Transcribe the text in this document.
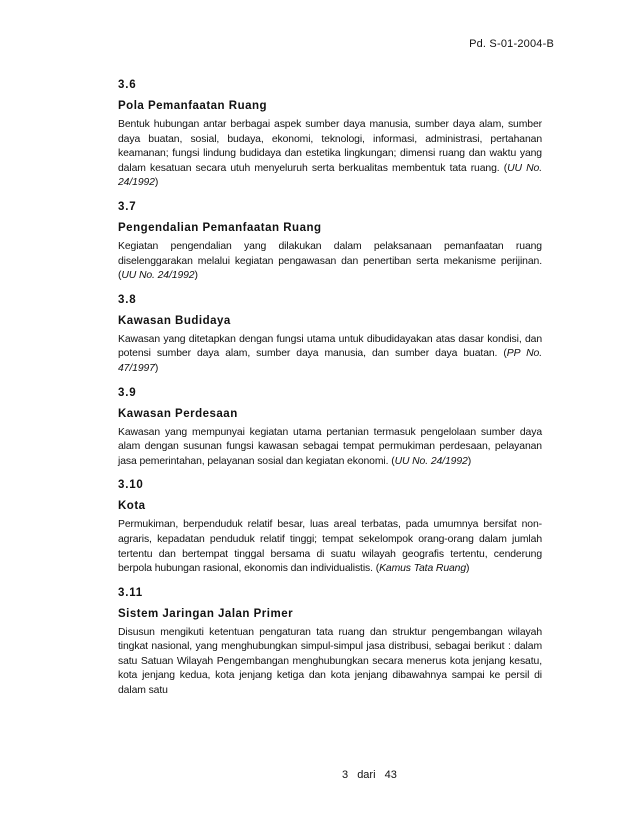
Pd. S-01-2004-B
3.6
Pola Pemanfaatan Ruang

Bentuk hubungan antar berbagai aspek sumber daya manusia, sumber daya alam, sumber daya buatan, sosial, budaya, ekonomi, teknologi, informasi, administrasi, pertahanan keamanan; fungsi lindung budidaya dan estetika lingkungan; dimensi ruang dan waktu yang dalam kesatuan secara utuh menyeluruh serta berkualitas membentuk tata ruang. (UU No. 24/1992)

3.7
Pengendalian Pemanfaatan Ruang

Kegiatan pengendalian yang dilakukan dalam pelaksanaan pemanfaatan ruang diselenggarakan melalui kegiatan pengawasan dan penertiban serta mekanisme perijinan. (UU No. 24/1992)

3.8
Kawasan Budidaya

Kawasan yang ditetapkan dengan fungsi utama untuk dibudidayakan atas dasar kondisi, dan potensi sumber daya alam, sumber daya manusia, dan sumber daya buatan. (PP No. 47/1997)

3.9
Kawasan Perdesaan

Kawasan yang mempunyai kegiatan utama pertanian termasuk pengelolaan sumber daya alam dengan susunan fungsi kawasan sebagai tempat permukiman perdesaan, pelayanan jasa pemerintahan, pelayanan sosial dan kegiatan ekonomi. (UU No. 24/1992)

3.10
Kota

Permukiman, berpenduduk relatif besar, luas areal terbatas, pada umumnya bersifat non-agraris, kepadatan penduduk relatif tinggi; tempat sekelompok orang-orang dalam jumlah tertentu dan bertempat tinggal bersama di suatu wilayah geografis tertentu, cenderung berpola hubungan rasional, ekonomis dan individualistis. (Kamus Tata Ruang)

3.11
Sistem Jaringan Jalan Primer

Disusun mengikuti ketentuan pengaturan tata ruang dan struktur pengembangan wilayah tingkat nasional, yang menghubungkan simpul-simpul jasa distribusi, sebagai berikut : dalam satu Satuan Wilayah Pengembangan menghubungkan secara menerus kota jenjang kesatu, kota jenjang kedua, kota jenjang ketiga dan kota jenjang dibawahnya sampai ke persil di dalam satu

3 dari 43
